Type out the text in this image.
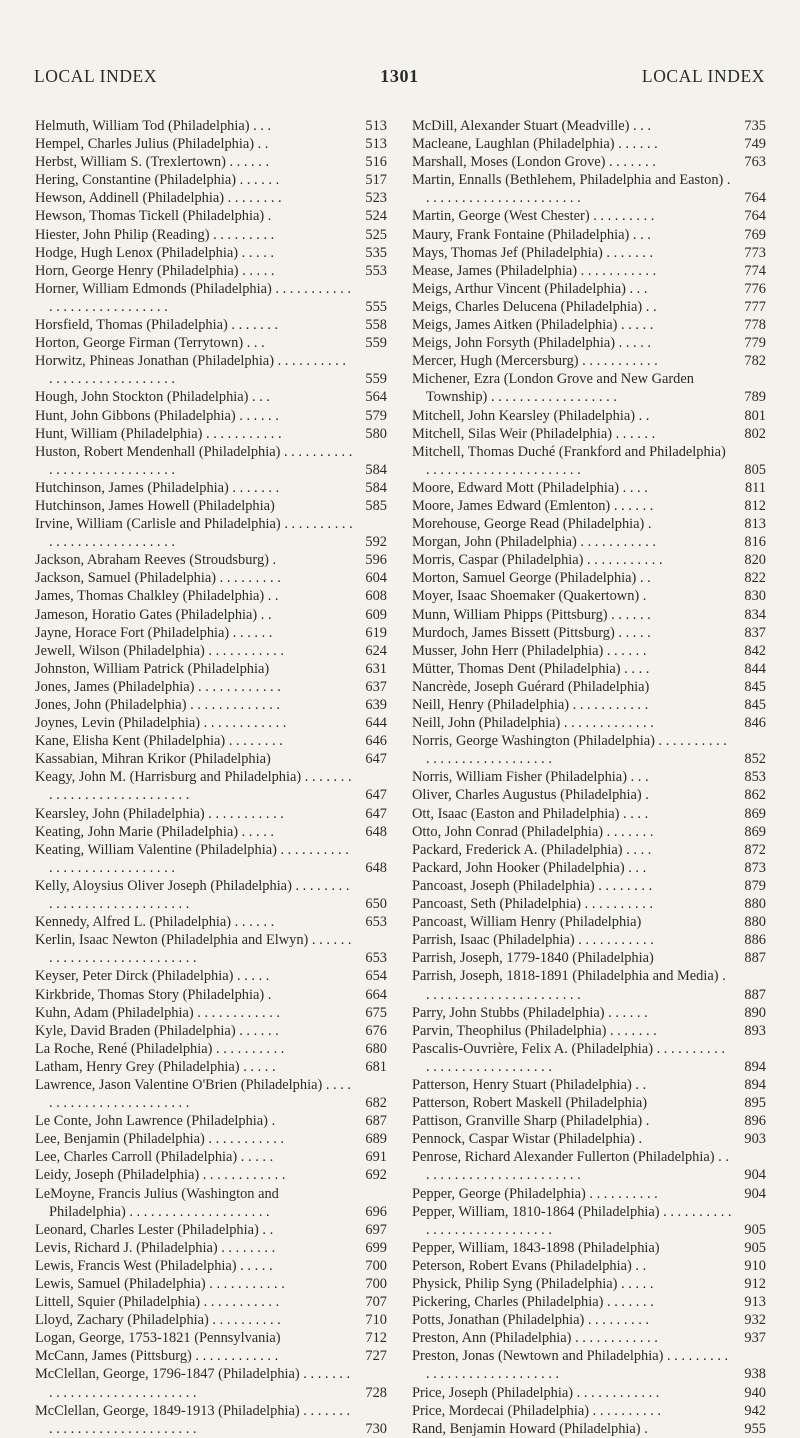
LOCAL INDEX	1301	LOCAL INDEX
Helmuth, William Tod (Philadelphia) . . .	513
Hempel, Charles Julius (Philadelphia) . .	513
Herbst, William S. (Trexlertown) . . . . . .	516
Hering, Constantine (Philadelphia) . . . . . .	517
Hewson, Addinell (Philadelphia) . . . . . . . .	523
Hewson, Thomas Tickell (Philadelphia) .	524
Hiester, John Philip (Reading) . . . . . . . . .	525
Hodge, Hugh Lenox (Philadelphia) . . . . .	535
Horn, George Henry (Philadelphia) . . . . .	553
Horner, William Edmonds (Philadelphia) . . . . . . . . . . . . . . . . . . . . . . . . . . . .	555
Horsfield, Thomas (Philadelphia) . . . . . . .	558
Horton, George Firman (Terrytown) . . .	559
Horwitz, Phineas Jonathan (Philadelphia) . . . . . . . . . . . . . . . . . . . . . . . . . . . .	559
Hough, John Stockton (Philadelphia) . . .	564
Hunt, John Gibbons (Philadelphia) . . . . . .	579
Hunt, William (Philadelphia) . . . . . . . . . . .	580
Huston, Robert Mendenhall (Philadelphia) . . . . . . . . . . . . . . . . . . . . . . . . . . . .	584
Hutchinson, James (Philadelphia) . . . . . . .	584
Hutchinson, James Howell (Philadelphia)	585
Irvine, William (Carlisle and Philadelphia) . . . . . . . . . . . . . . . . . . . . . . . . . . . .	592
Jackson, Abraham Reeves (Stroudsburg) .	596
Jackson, Samuel (Philadelphia) . . . . . . . . .	604
James, Thomas Chalkley (Philadelphia) . .	608
Jameson, Horatio Gates (Philadelphia) . .	609
Jayne, Horace Fort (Philadelphia) . . . . . .	619
Jewell, Wilson (Philadelphia) . . . . . . . . . . .	624
Johnston, William Patrick (Philadelphia)	631
Jones, James (Philadelphia) . . . . . . . . . . . .	637
Jones, John (Philadelphia) . . . . . . . . . . . . .	639
Joynes, Levin (Philadelphia) . . . . . . . . . . . .	644
Kane, Elisha Kent (Philadelphia) . . . . . . . .	646
Kassabian, Mihran Krikor (Philadelphia)	647
Keagy, John M. (Harrisburg and Philadelphia) . . . . . . . . . . . . . . . . . . . . . . . . . . .	647
Kearsley, John (Philadelphia) . . . . . . . . . . .	647
Keating, John Marie (Philadelphia) . . . . .	648
Keating, William Valentine (Philadelphia) . . . . . . . . . . . . . . . . . . . . . . . . . . . .	648
Kelly, Aloysius Oliver Joseph (Philadelphia) . . . . . . . . . . . . . . . . . . . . . . . . . . . .	650
Kennedy, Alfred L. (Philadelphia) . . . . . .	653
Kerlin, Isaac Newton (Philadelphia and Elwyn) . . . . . . . . . . . . . . . . . . . . . . . . . . .	653
Keyser, Peter Dirck (Philadelphia) . . . . .	654
Kirkbride, Thomas Story (Philadelphia) .	664
Kuhn, Adam (Philadelphia) . . . . . . . . . . . .	675
Kyle, David Braden (Philadelphia) . . . . . .	676
La Roche, René (Philadelphia) . . . . . . . . . .	680
Latham, Henry Grey (Philadelphia) . . . . .	681
Lawrence, Jason Valentine O'Brien (Philadelphia) . . . . . . . . . . . . . . . . . . . . . . . .	682
Le Conte, John Lawrence (Philadelphia) .	687
Lee, Benjamin (Philadelphia) . . . . . . . . . . .	689
Lee, Charles Carroll (Philadelphia) . . . . .	691
Leidy, Joseph (Philadelphia) . . . . . . . . . . . .	692
LeMoyne, Francis Julius (Washington and Philadelphia) . . . . . . . . . . . . . . . . . . . .	696
Leonard, Charles Lester (Philadelphia) . .	697
Levis, Richard J. (Philadelphia) . . . . . . . .	699
Lewis, Francis West (Philadelphia) . . . . .	700
Lewis, Samuel (Philadelphia) . . . . . . . . . . .	700
Littell, Squier (Philadelphia) . . . . . . . . . . .	707
Lloyd, Zachary (Philadelphia) . . . . . . . . . .	710
Logan, George, 1753-1821 (Pennsylvania)	712
McCann, James (Pittsburg) . . . . . . . . . . . .	727
McClellan, George, 1796-1847 (Philadelphia) . . . . . . . . . . . . . . . . . . . . . . . . . . . .	728
McClellan, George, 1849-1913 (Philadelphia) . . . . . . . . . . . . . . . . . . . . . . . . . . . .	730
McDill, Alexander Stuart (Meadville) . . .	735
Macleane, Laughlan (Philadelphia) . . . . . .	749
Marshall, Moses (London Grove) . . . . . . .	763
Martin, Ennalls (Bethlehem, Philadelphia and Easton) . . . . . . . . . . . . . . . . . . . . . . .	764
Martin, George (West Chester) . . . . . . . . .	764
Maury, Frank Fontaine (Philadelphia) . . .	769
Mays, Thomas Jef (Philadelphia) . . . . . . .	773
Mease, James (Philadelphia) . . . . . . . . . . .	774
Meigs, Arthur Vincent (Philadelphia) . . .	776
Meigs, Charles Delucena (Philadelphia) . .	777
Meigs, James Aitken (Philadelphia) . . . . .	778
Meigs, John Forsyth (Philadelphia) . . . . .	779
Mercer, Hugh (Mercersburg) . . . . . . . . . . .	782
Michener, Ezra (London Grove and New Garden Township) . . . . . . . . . . . . . . . . . .	789
Mitchell, John Kearsley (Philadelphia) . .	801
Mitchell, Silas Weir (Philadelphia) . . . . . .	802
Mitchell, Thomas Duché (Frankford and Philadelphia) . . . . . . . . . . . . . . . . . . . . . .	805
Moore, Edward Mott (Philadelphia) . . . .	811
Moore, James Edward (Emlenton) . . . . . .	812
Morehouse, George Read (Philadelphia) .	813
Morgan, John (Philadelphia) . . . . . . . . . . .	816
Morris, Caspar (Philadelphia) . . . . . . . . . . .	820
Morton, Samuel George (Philadelphia) . .	822
Moyer, Isaac Shoemaker (Quakertown) .	830
Munn, William Phipps (Pittsburg) . . . . . .	834
Murdoch, James Bissett (Pittsburg) . . . . .	837
Musser, John Herr (Philadelphia) . . . . . .	842
Mütter, Thomas Dent (Philadelphia) . . . .	844
Nancrède, Joseph Guérard (Philadelphia)	845
Neill, Henry (Philadelphia) . . . . . . . . . . .	845
Neill, John (Philadelphia) . . . . . . . . . . . . .	846
Norris, George Washington (Philadelphia) . . . . . . . . . . . . . . . . . . . . . . . . . . . .	852
Norris, William Fisher (Philadelphia) . . .	853
Oliver, Charles Augustus (Philadelphia) .	862
Ott, Isaac (Easton and Philadelphia) . . . .	869
Otto, John Conrad (Philadelphia) . . . . . . .	869
Packard, Frederick A. (Philadelphia) . . . .	872
Packard, John Hooker (Philadelphia) . . .	873
Pancoast, Joseph (Philadelphia) . . . . . . . .	879
Pancoast, Seth (Philadelphia) . . . . . . . . . .	880
Pancoast, William Henry (Philadelphia)	880
Parrish, Isaac (Philadelphia) . . . . . . . . . . .	886
Parrish, Joseph, 1779-1840 (Philadelphia)	887
Parrish, Joseph, 1818-1891 (Philadelphia and Media) . . . . . . . . . . . . . . . . . . . . . . .	887
Parry, John Stubbs (Philadelphia) . . . . . .	890
Parvin, Theophilus (Philadelphia) . . . . . . .	893
Pascalis-Ouvrière, Felix A. (Philadelphia) . . . . . . . . . . . . . . . . . . . . . . . . . . . .	894
Patterson, Henry Stuart (Philadelphia) . .	894
Patterson, Robert Maskell (Philadelphia)	895
Pattison, Granville Sharp (Philadelphia) .	896
Pennock, Caspar Wistar (Philadelphia) .	903
Penrose, Richard Alexander Fullerton (Philadelphia) . . . . . . . . . . . . . . . . . . . . . . . .	904
Pepper, George (Philadelphia) . . . . . . . . . .	904
Pepper, William, 1810-1864 (Philadelphia) . . . . . . . . . . . . . . . . . . . . . . . . . . . .	905
Pepper, William, 1843-1898 (Philadelphia)	905
Peterson, Robert Evans (Philadelphia) . .	910
Physick, Philip Syng (Philadelphia) . . . . .	912
Pickering, Charles (Philadelphia) . . . . . . .	913
Potts, Jonathan (Philadelphia) . . . . . . . . .	932
Preston, Ann (Philadelphia) . . . . . . . . . . . .	937
Preston, Jonas (Newtown and Philadelphia) . . . . . . . . . . . . . . . . . . . . . . . . . . . .	938
Price, Joseph (Philadelphia) . . . . . . . . . . . .	940
Price, Mordecai (Philadelphia) . . . . . . . . . .	942
Rand, Benjamin Howard (Philadelphia) .	955
